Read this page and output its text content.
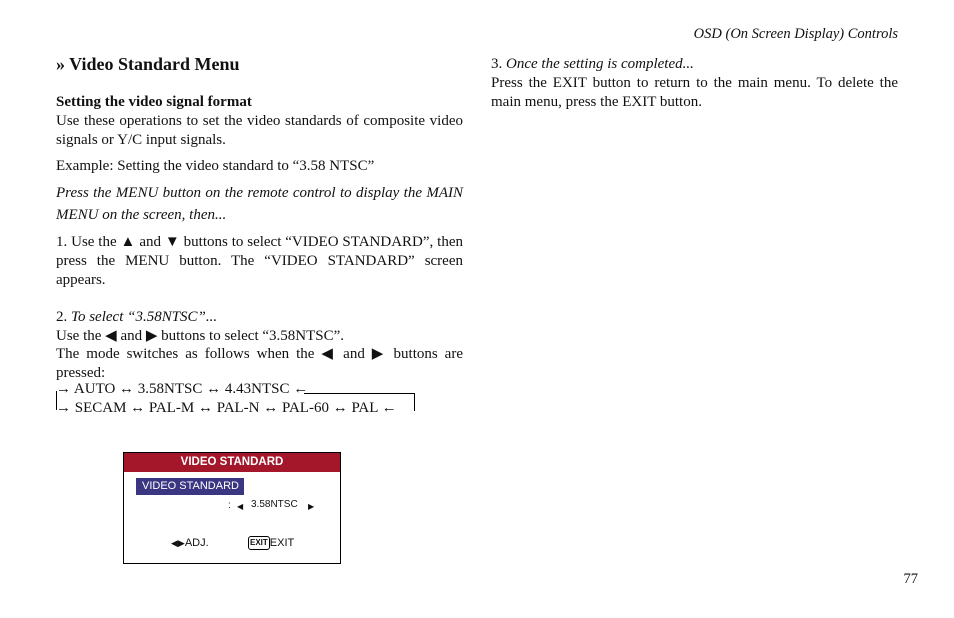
OSD (On Screen Display) Controls
» Video Standard Menu
Setting the video signal format

Use these operations to set the video standards of composite video signals or Y/C input signals.

Example: Setting the video standard to “3.58 NTSC”

Press the MENU button on the remote control to display the MAIN MENU on the screen, then...

1. Use the ▲ and ▼ buttons to select “VIDEO STANDARD”, then press the MENU button. The “VIDEO STANDARD” screen appears.

2. To select “3.58NTSC”...

Use the ◀ and ▶ buttons to select “3.58NTSC”.

The mode switches as follows when the ◀ and ▶ buttons are pressed:

→ AUTO ↔ 3.58NTSC ↔ 4.43NTSC ←
→ SECAM ↔ PAL-M ↔ PAL-N ↔ PAL-60 ↔ PAL ←
VIDEO STANDARD
VIDEO STANDARD
: ◀ 3.58NTSC ▶
◀▶ADJ.	EXIT EXIT
3. Once the setting is completed...

Press the EXIT button to return to the main menu. To delete the main menu, press the EXIT button.

77
